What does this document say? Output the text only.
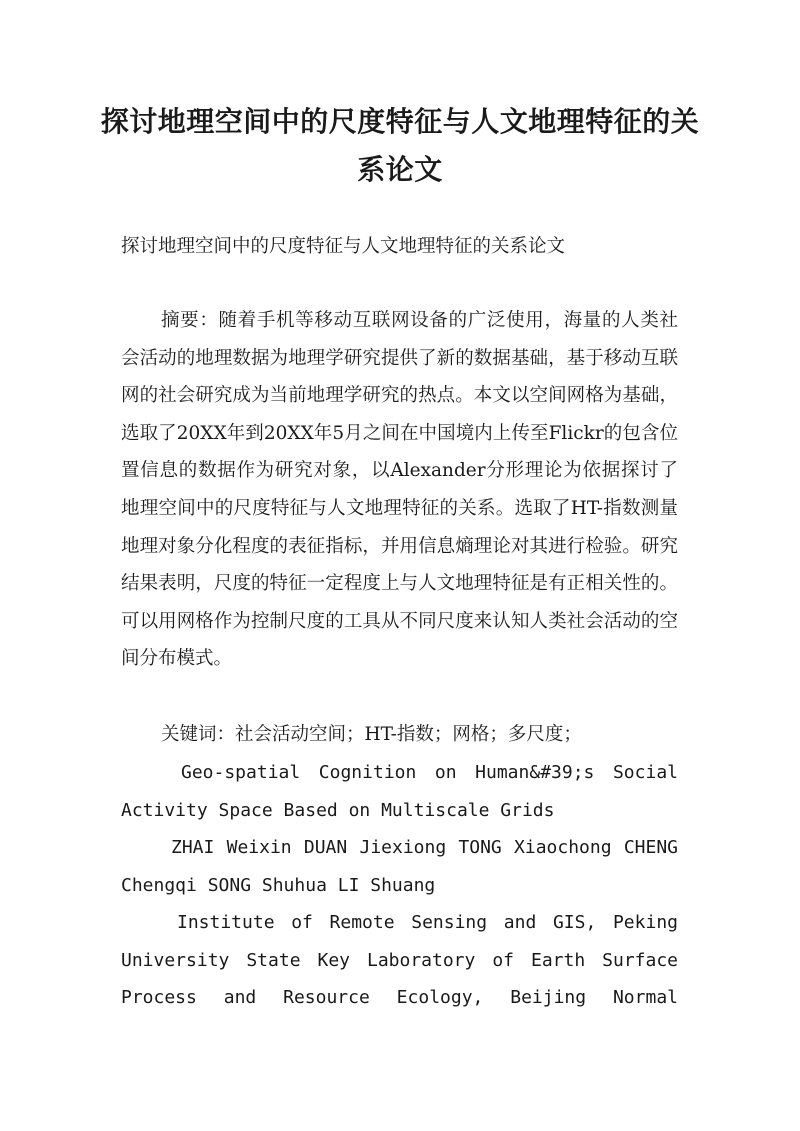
探讨地理空间中的尺度特征与人文地理特征的关系论文

探讨地理空间中的尺度特征与人文地理特征的关系论文

摘要：随着手机等移动互联网设备的广泛使用，海量的人类社会活动的地理数据为地理学研究提供了新的数据基础，基于移动互联网的社会研究成为当前地理学研究的热点。本文以空间网格为基础，选取了20XX年到20XX年5月之间在中国境内上传至Flickr的包含位置信息的数据作为研究对象，以Alexander分形理论为依据探讨了地理空间中的尺度特征与人文地理特征的关系。选取了HT-指数测量地理对象分化程度的表征指标，并用信息熵理论对其进行检验。研究结果表明，尺度的特征一定程度上与人文地理特征是有正相关性的。可以用网格作为控制尺度的工具从不同尺度来认知人类社会活动的空间分布模式。

关键词：社会活动空间；HT-指数；网格；多尺度；

Geo-spatial Cognition on Human&#39;s Social Activity Space Based on Multiscale Grids

ZHAI Weixin DUAN Jiexiong TONG Xiaochong CHENG Chengqi SONG Shuhua LI Shuang

Institute of Remote Sensing and GIS, Peking University State Key Laboratory of Earth Surface Process and Resource Ecology, Beijing Normal
